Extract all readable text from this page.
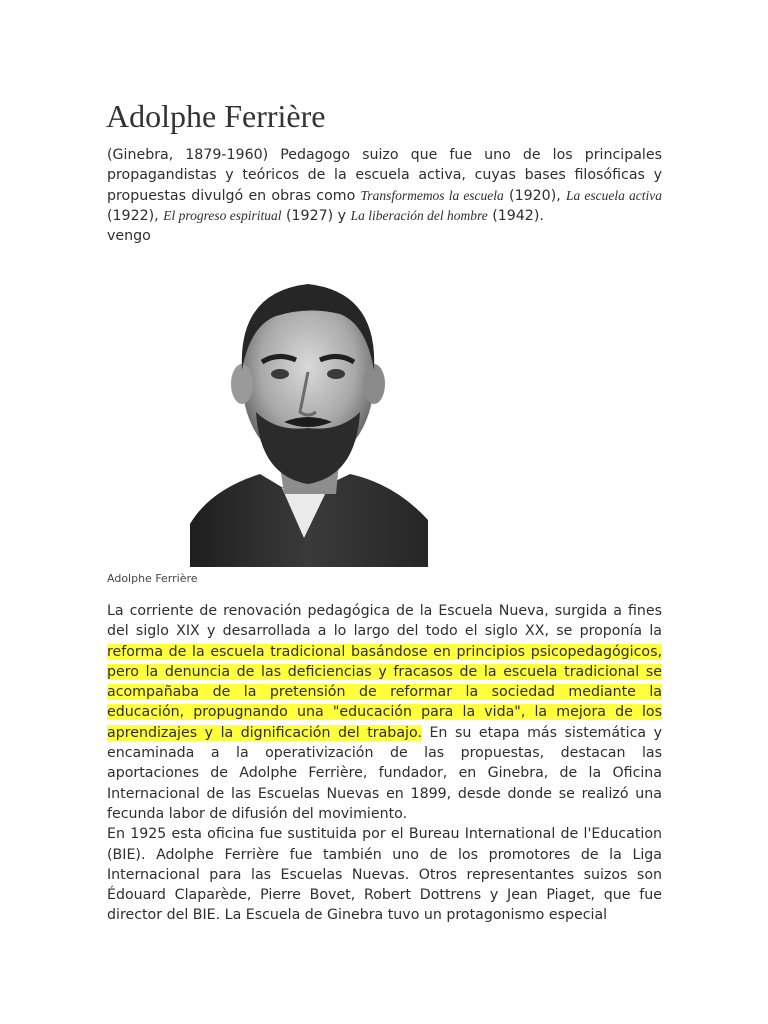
Adolphe Ferrière

(Ginebra, 1879-1960) Pedagogo suizo que fue uno de los principales propagandistas y teóricos de la escuela activa, cuyas bases filosóficas y propuestas divulgó en obras como Transformemos la escuela (1920), La escuela activa (1922), El progreso espiritual (1927) y La liberación del hombre (1942).
vengo

Adolphe Ferrière

La corriente de renovación pedagógica de la Escuela Nueva, surgida a fines del siglo XIX y desarrollada a lo largo del todo el siglo XX, se proponía la reforma de la escuela tradicional basándose en principios psicopedagógicos, pero la denuncia de las deficiencias y fracasos de la escuela tradicional se acompañaba de la pretensión de reformar la sociedad mediante la educación, propugnando una "educación para la vida", la mejora de los aprendizajes y la dignificación del trabajo. En su etapa más sistemática y encaminada a la operativización de las propuestas, destacan las aportaciones de Adolphe Ferrière, fundador, en Ginebra, de la Oficina Internacional de las Escuelas Nuevas en 1899, desde donde se realizó una fecunda labor de difusión del movimiento.

En 1925 esta oficina fue sustituida por el Bureau International de l'Education (BIE). Adolphe Ferrière fue también uno de los promotores de la Liga Internacional para las Escuelas Nuevas. Otros representantes suizos son Édouard Claparède, Pierre Bovet, Robert Dottrens y Jean Piaget, que fue director del BIE. La Escuela de Ginebra tuvo un protagonismo especial
